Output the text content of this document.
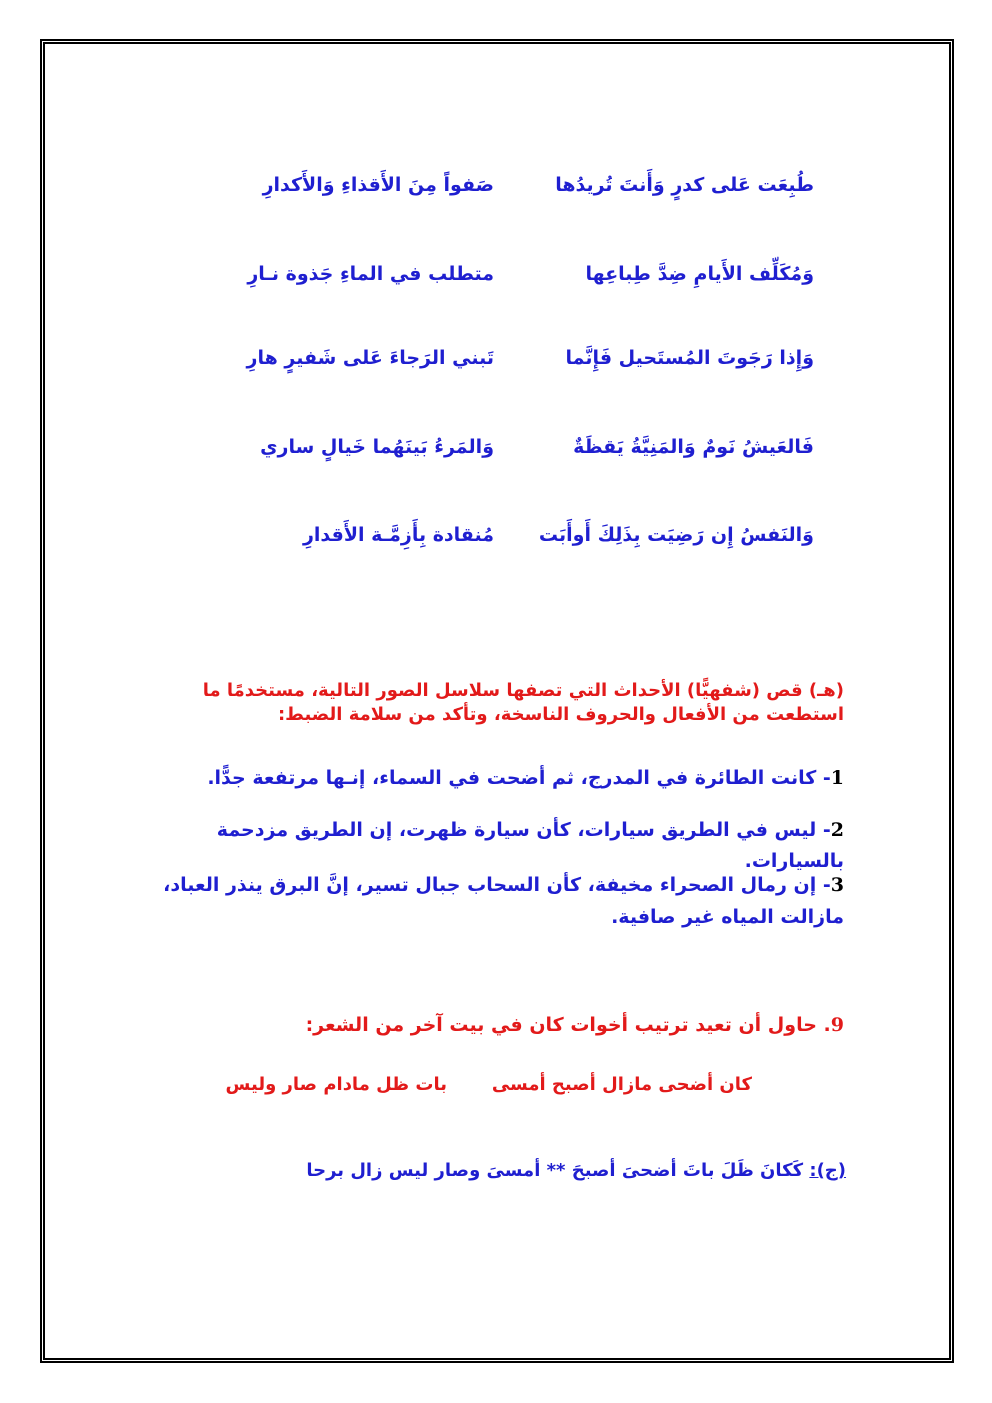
طُبِعَت عَلى كدرٍ وَأَنتَ تُريدُها
صَفواً مِنَ الأَقذاءِ وَالأَكدارِ
وَمُكَلِّف الأَيامِ ضِدَّ طِباعِها
متطلب في الماءِ جَذوة نـارِ
وَإِذا رَجَوتَ المُستَحيل فَإِنَّما
تَبني الرَجاءَ عَلى شَفيرٍ هارِ
فَالعَيشُ نَومٌ وَالمَنِيَّةُ يَقظَةٌ
وَالمَرءُ بَينَهُما خَيالٍ ساري
وَالنَفسُ إِن رَضِيَت بِذَلِكَ أَوأَبَت
مُنقادة بِأَزِمَّـة الأَقدارِ
(هـ) قص (شفهيًّا) الأحداث التي تصفها سلاسل الصور التالية، مستخدمًا ما
استطعت من الأفعال والحروف الناسخة، وتأكد من سلامة الضبط:
1- كانت الطائرة في المدرج، ثم أضحت في السماء، إنـها مرتفعة جدًّا.
2- ليس في الطريق سيارات، كأن سيارة ظهرت، إن الطريق مزدحمة بالسيارات.
3- إن رمال الصحراء مخيفة، كأن السحاب جبال تسير، إنَّ البرق ينذر العباد،
مازالت المياه غير صافية.
9. حاول أن تعيد ترتيب أخوات كان في بيت آخر من الشعر:
كان أضحى مازال أصبح أمسى
بات ظل مادام صار وليس
(ج): كَكانَ ظَلَ باتَ أضحىَ أصبحَ ** أمسىَ وصار ليس زال برحا
